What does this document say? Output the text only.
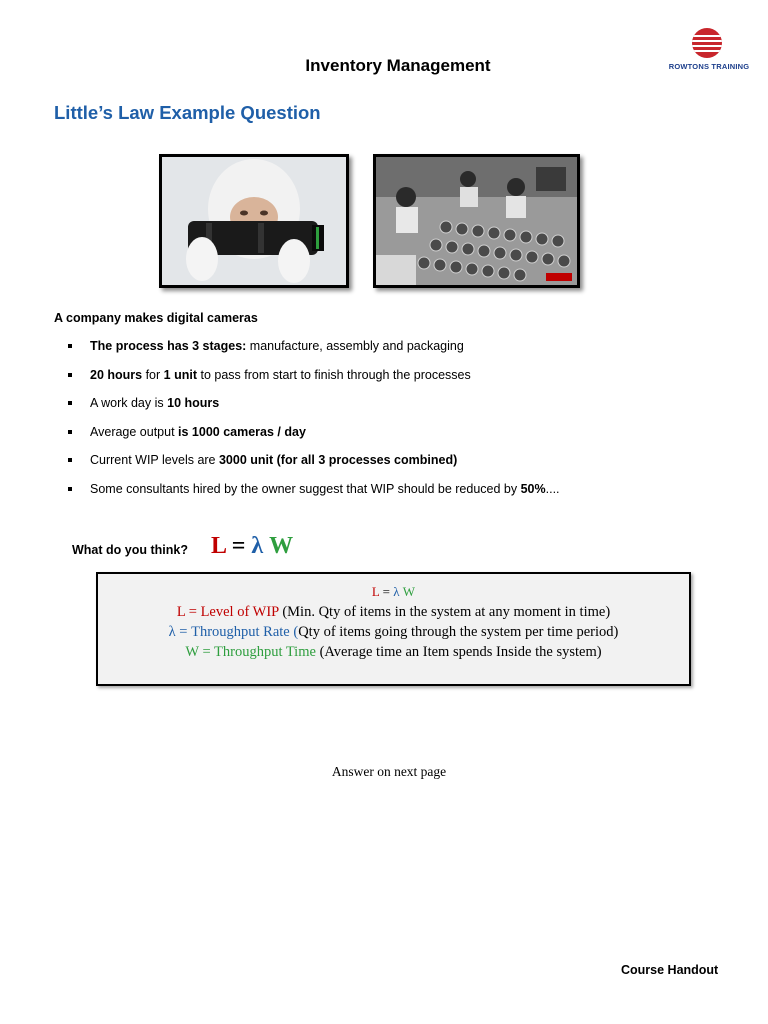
Inventory Management	ROWTONS TRAINING
Little’s Law Example Question
A company makes digital cameras
The process has 3 stages: manufacture, assembly and packaging
20 hours for 1 unit to pass from start to finish through the processes
A work day is 10 hours
Average output is 1000 cameras / day
Current WIP levels are 3000 unit (for all 3 processes combined)
Some consultants hired by the owner suggest that WIP should be reduced by 50%....
What do you think? L = λ W
L = λ W
L = Level of WIP (Min. Qty of items in the system at any moment in time)
λ = Throughput Rate (Qty of items going through the system per time period)
W = Throughput Time (Average time an Item spends Inside the system)
Answer on next page
Course Handout
